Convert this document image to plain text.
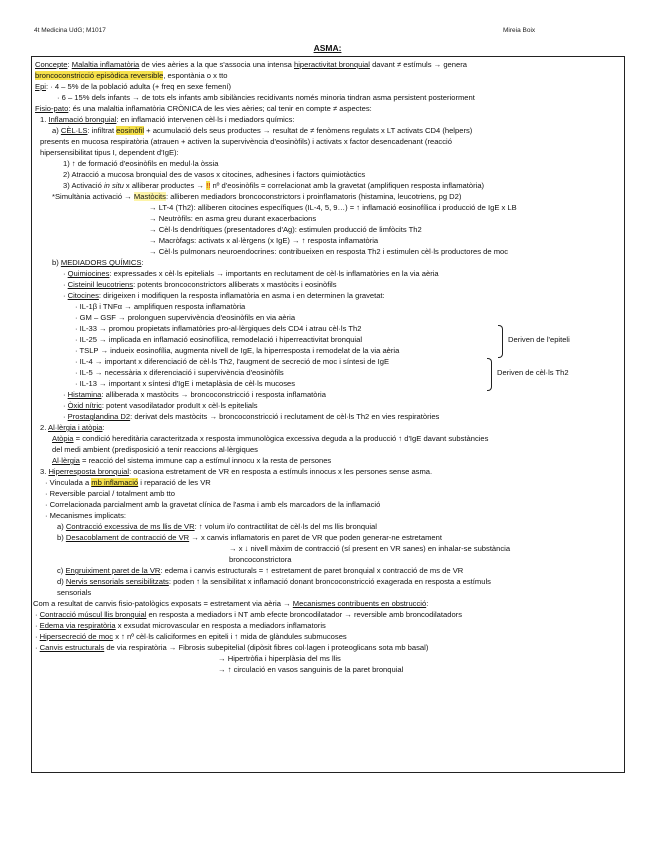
4t Medicina UdG; M1017	Mireia Boix
ASMA:
Concepte: Malaltia inflamatòria de vies aèries a la que s'associa una intensa hiperactivitat bronquial davant ≠ estímuls → genera
broncoconstricció episòdica reversible, espontània o x tto
Epi: · 4 – 5% de la població adulta (+ freq en sexe femení)
· 6 – 15% dels infants → de tots els infants amb sibilàncies recidivants només minoria tindran asma persistent posteriorment
Fisio-pato: és una malaltia inflamatòria CRÒNICA de les vies aèries; cal tenir en compte ≠ aspectes:
1. Inflamació bronquial: en inflamació intervenen cèl·ls i mediadors químics:
a) CÈL·LS: infiltrat eosinòfil + acumulació dels seus productes → resultat de ≠ fenòmens regulats x LT activats CD4 (helpers)
presents en mucosa respiratòria (atrauen + activen la supervivència d'eosinòfils) i activats x factor desencadenant (reacció
hipersensibilitat tipus I, dependent d'IgE):
1) ↑ de formació d'eosinòfils en medul·la òssia
2) Atracció a mucosa bronquial des de vasos x citocines, adhesines i factors quimiotàctics
3) Activació in situ x alliberar productes → !! nº d'eosinòfils = correlacionat amb la gravetat (amplifiquen resposta inflamatòria)
*Simultània activació → Mastòcits: alliberen mediadors broncoconstrictors i proinflamatoris (histamina, leucotriens, pg D2)
→ LT-4 (Th2): alliberen citocines específiques (IL-4, 5, 9…) = ↑ inflamació eosinofílica i producció de IgE x LB
→ Neutròfils: en asma greu durant exacerbacions
→ Cèl·ls dendrítiques (presentadores d'Ag): estimulen producció de limfòcits Th2
→ Macròfags: activats x al·lèrgens (x IgE) → ↑ resposta inflamatòria
→ Cèl·ls pulmonars neuroendocrines: contribueixen en resposta Th2 i estimulen cèl·ls productores de moc
b) MEDIADORS QUÍMICS:
· Quimiocines: expressades x cèl·ls epitelials → importants en reclutament de cèl·ls inflamatòries en la via aèria
· Cisteinil leucotriens: potents broncoconstrictors alliberats x mastòcits i eosinòfils
· Citocines: dirigeixen i modifiquen la resposta inflamatòria en asma i en determinen la gravetat:
· IL-1β i TNFα → amplifiquen resposta inflamatòria
· GM – GSF → prolonguen supervivència d'eosinòfils en via aèria
· IL-33 → promou propietats inflamatòries pro-al·lèrgiques dels CD4 i atrau cèl·ls Th2
· IL-25 → implicada en inflamació eosinofílica, remodelació i hiperreactivitat bronquial
· TSLP → indueix eosinofília, augmenta nivell de IgE, la hiperresposta i remodelat de la via aèria
· IL-4 → important x diferenciació de cèl·ls Th2, l'augment de secreció de moc i síntesi de IgE
· IL-5 → necessària x diferenciació i supervivència d'eosinòfils
· IL-13 → important x síntesi d'IgE i metaplàsia de cèl·ls mucoses
Deriven de l'epiteli
Deriven de cèl·ls Th2
· Histamina: alliberada x mastòcits → broncoconstricció i resposta inflamatòria
· Òxid nítric: potent vasodilatador produït x cèl·ls epitelials
· Prostaglandina D2: derivat dels mastòcits → broncoconstricció i reclutament de cèl·ls Th2 en vies respiratòries
2. Al·lèrgia i atòpia:
Atòpia = condició hereditària caracteritzada x resposta immunològica excessiva deguda a la producció ↑ d'IgE davant substàncies
del medi ambient (predisposició a tenir reaccions al·lèrgiques
Al·lèrgia = reacció del sistema immune cap a estímul innocu x la resta de persones
3. Hiperresposta bronquial: ocasiona estretament de VR en resposta a estímuls innocus x les persones sense asma.
· Vinculada a mb inflamació i reparació de les VR
· Reversible parcial / totalment amb tto
· Correlacionada parcialment amb la gravetat clínica de l'asma i amb els marcadors de la inflamació
· Mecanismes implicats:
a) Contracció excessiva de ms llis de VR: ↑ volum i/o contractilitat de cèl·ls del ms llis bronquial
b) Desacoblament de contracció de VR → x canvis inflamatoris en paret de VR que poden generar-ne estretament
→ x ↓ nivell màxim de contracció (sí present en VR sanes) en inhalar-se substància
broncoconstrictora
c) Engruiximent paret de la VR: edema i canvis estructurals = ↑ estretament de paret bronquial x contracció de ms de VR
d) Nervis sensorials sensibilitzats: poden ↑ la sensibilitat x inflamació donant broncoconstricció exagerada en resposta a estímuls
sensorials
Com a resultat de canvis fisio-patològics exposats = estretament via aèria → Mecanismes contribuents en obstrucció:
· Contracció múscul llis bronquial en resposta a mediadors i NT amb efecte broncodilatador → reversible amb broncodilatadors
· Edema via respiratòria x exsudat microvascular en resposta a mediadors inflamatoris
· Hipersecreció de moc x ↑ nº cèl·ls caliciformes en epiteli i ↑ mida de glàndules submucoses
· Canvis estructurals de via respiratòria → Fibrosis subepitelial (dipòsit fibres col·lagen i proteoglicans sota mb basal)
→ Hipertròfia i hiperplàsia del ms llis
→ ↑ circulació en vasos sanguinis de la paret bronquial
